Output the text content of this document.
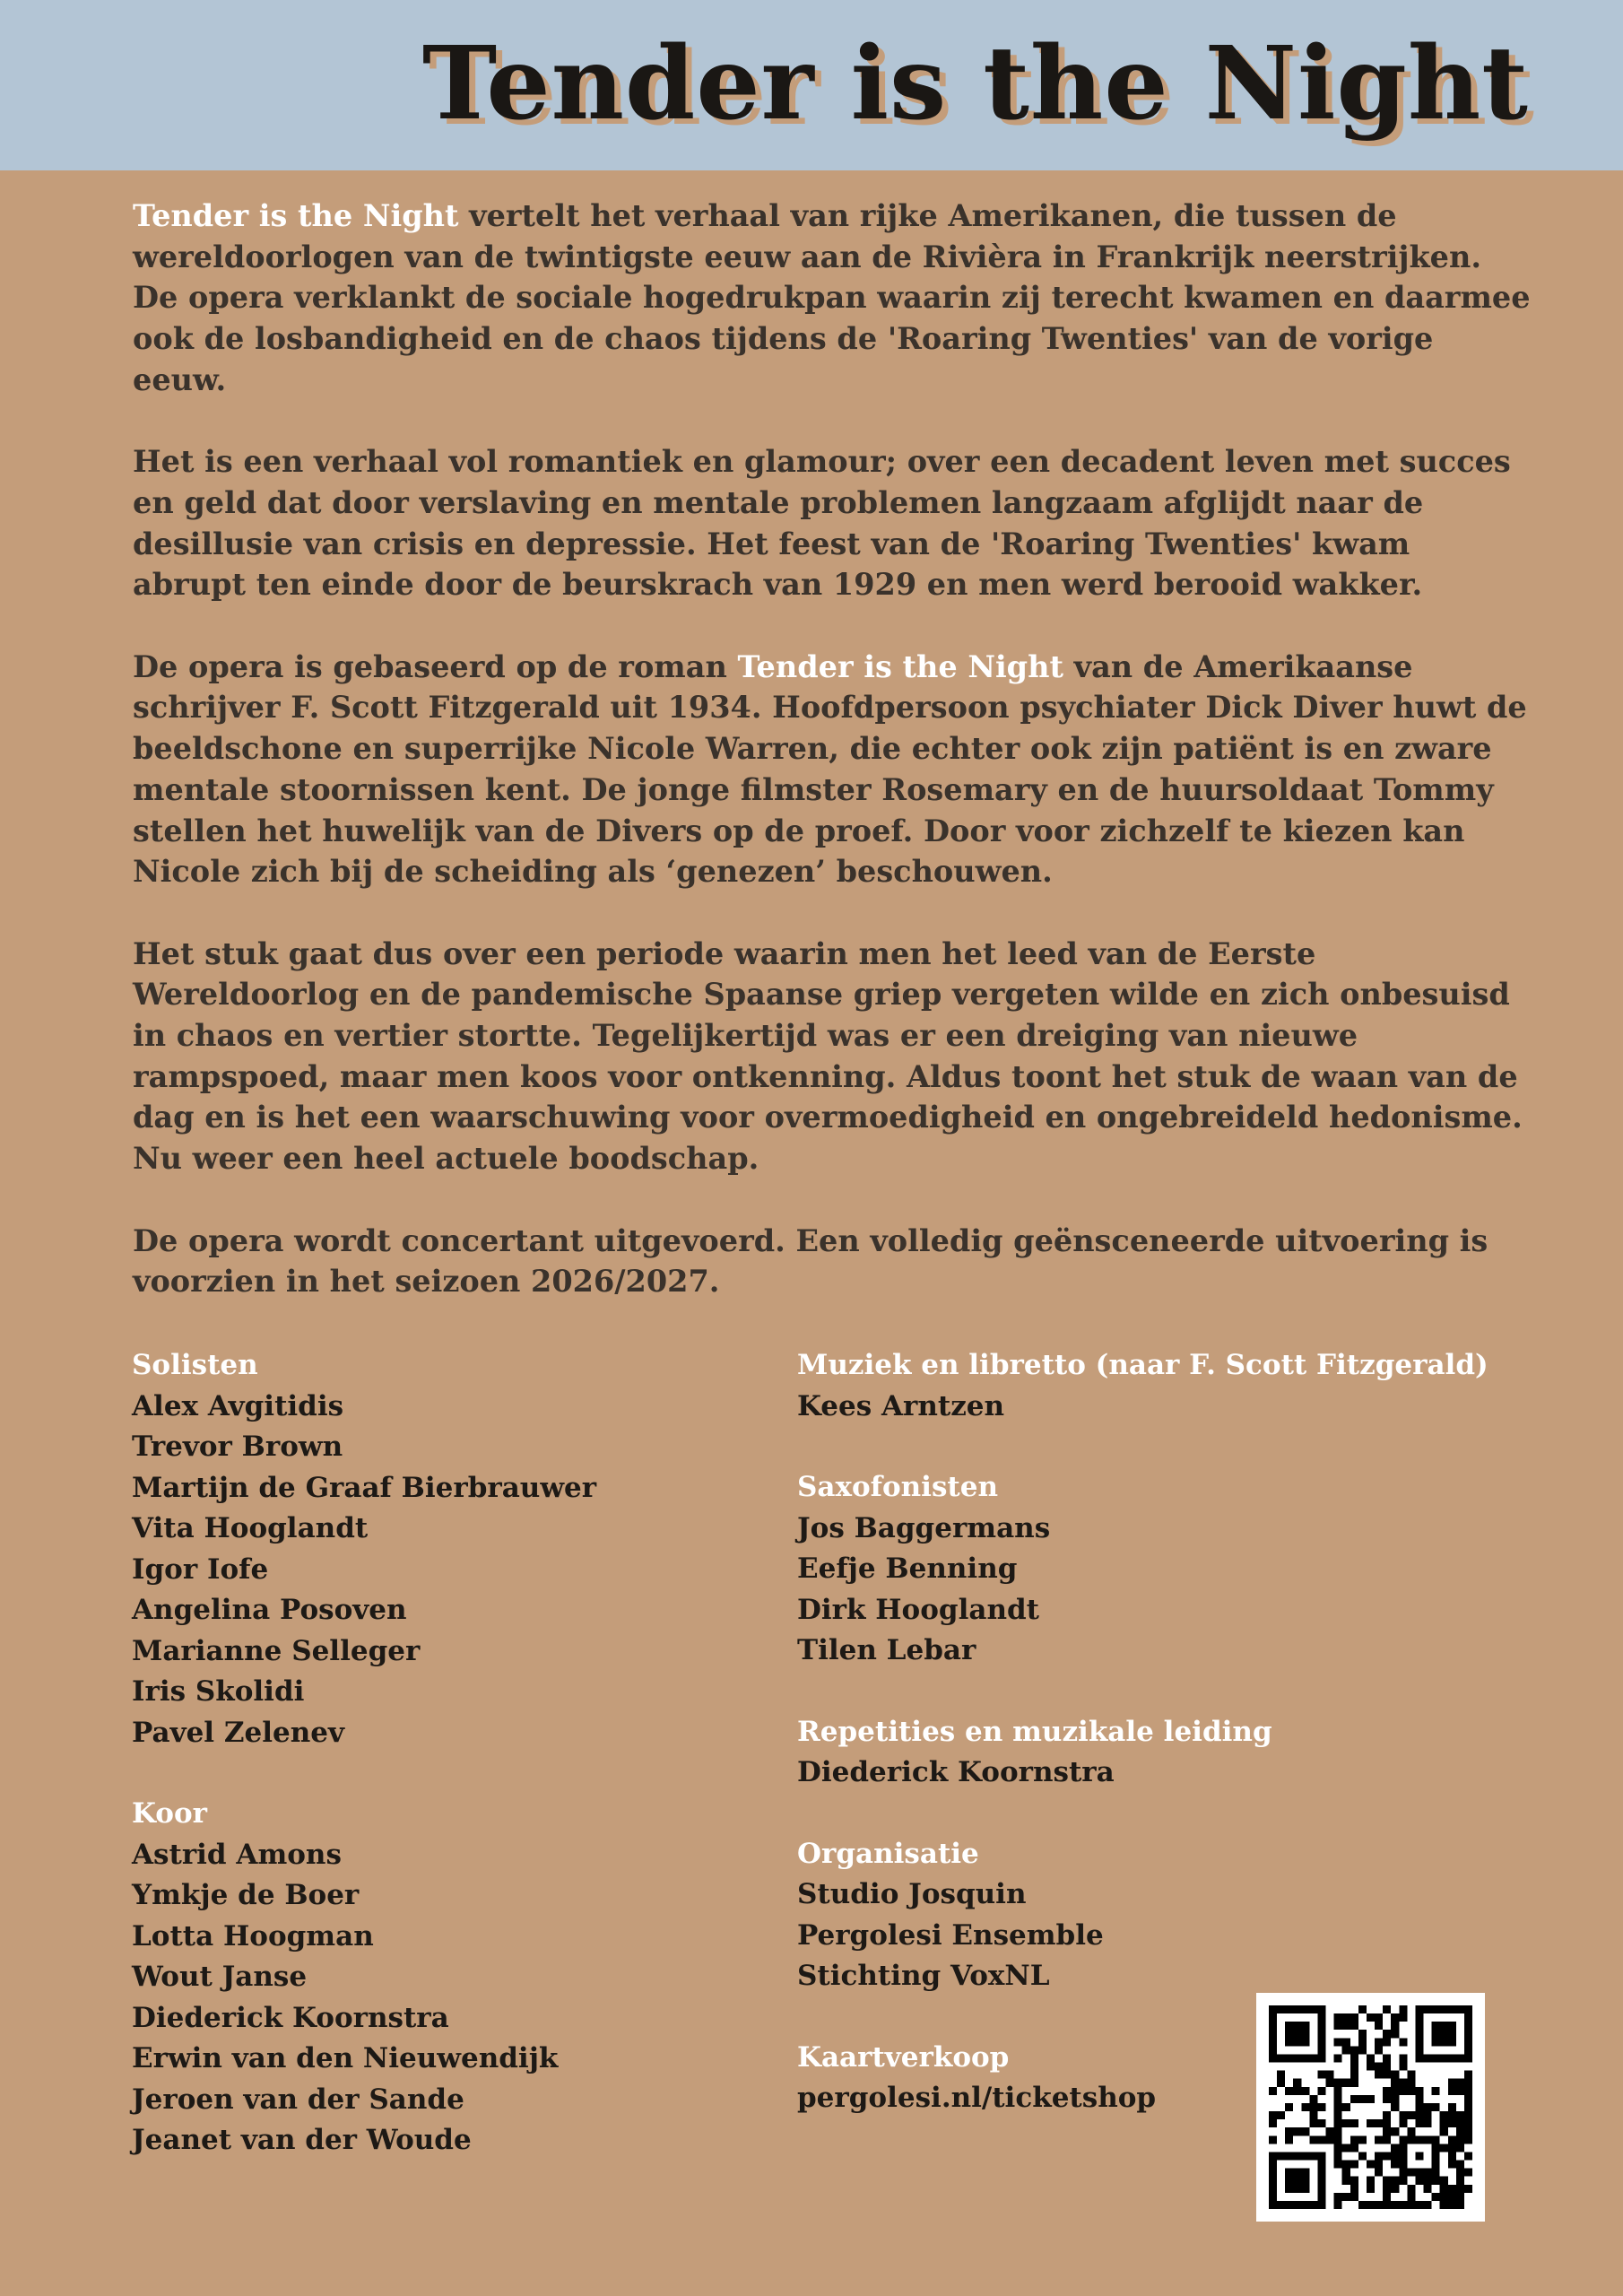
Tender is the Night

Tender is the Night vertelt het verhaal van rijke Amerikanen, die tussen de wereldoorlogen van de twintigste eeuw aan de Rivièra in Frankrijk neerstrijken. De opera verklankt de sociale hogedrukpan waarin zij terecht kwamen en daarmee ook de losbandigheid en de chaos tijdens de 'Roaring Twenties' van de vorige eeuw.

Het is een verhaal vol romantiek en glamour; over een decadent leven met succes en geld dat door verslaving en mentale problemen langzaam afglijdt naar de desillusie van crisis en depressie. Het feest van de 'Roaring Twenties' kwam abrupt ten einde door de beurskrach van 1929 en men werd berooid wakker.

De opera is gebaseerd op de roman Tender is the Night van de Amerikaanse schrijver F. Scott Fitzgerald uit 1934. Hoofdpersoon psychiater Dick Diver huwt de beeldschone en superrijke Nicole Warren, die echter ook zijn patiënt is en zware mentale stoornissen kent. De jonge filmster Rosemary en de huursoldaat Tommy stellen het huwelijk van de Divers op de proef. Door voor zichzelf te kiezen kan Nicole zich bij de scheiding als ‘genezen’ beschouwen.

Het stuk gaat dus over een periode waarin men het leed van de Eerste Wereldoorlog en de pandemische Spaanse griep vergeten wilde en zich onbesuisd in chaos en vertier stortte. Tegelijkertijd was er een dreiging van nieuwe rampspoed, maar men koos voor ontkenning. Aldus toont het stuk de waan van de dag en is het een waarschuwing voor overmoedigheid en ongebreideld hedonisme. Nu weer een heel actuele boodschap.

De opera wordt concertant uitgevoerd. Een volledig geënsceneerde uitvoering is voorzien in het seizoen 2026/2027.

Solisten
Alex Avgitidis
Trevor Brown
Martijn de Graaf Bierbrauwer
Vita Hooglandt
Igor Iofe
Angelina Posoven
Marianne Selleger
Iris Skolidi
Pavel Zelenev
Koor
Astrid Amons
Ymkje de Boer
Lotta Hoogman
Wout Janse
Diederick Koornstra
Erwin van den Nieuwendijk
Jeroen van der Sande
Jeanet van der Woude
Muziek en libretto (naar F. Scott Fitzgerald)
Kees Arntzen
Saxofonisten
Jos Baggermans
Eefje Benning
Dirk Hooglandt
Tilen Lebar
Repetities en muzikale leiding
Diederick Koornstra
Organisatie
Studio Josquin
Pergolesi Ensemble
Stichting VoxNL
Kaartverkoop
pergolesi.nl/ticketshop
